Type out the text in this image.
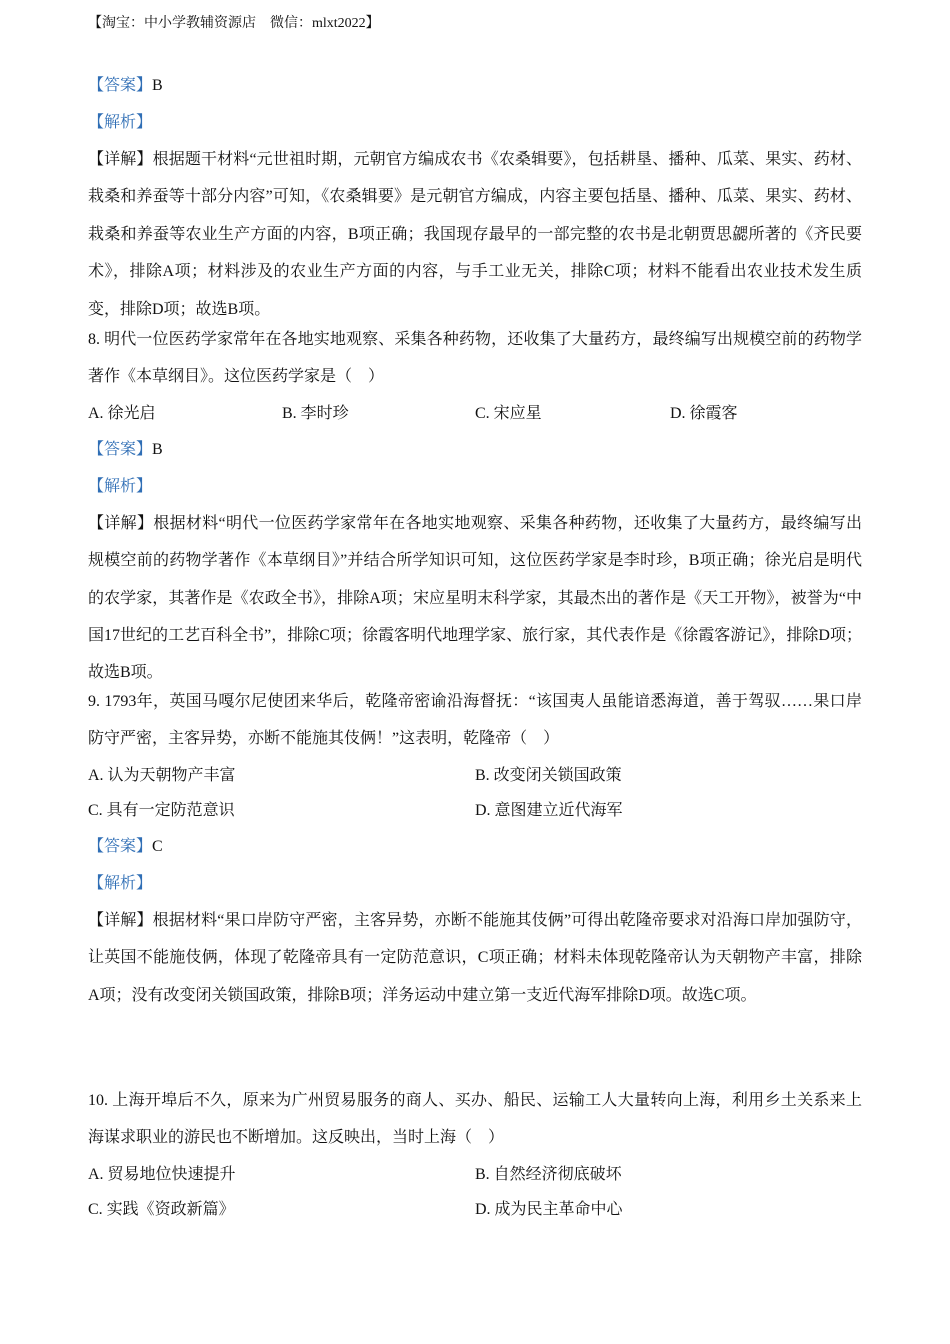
【淘宝：中小学教辅资源店　微信：mlxt2022】
【答案】B
【解析】
【详解】根据题干材料“元世祖时期，元朝官方编成农书《农桑辑要》，包括耕垦、播种、瓜菜、果实、药材、栽桑和养蚕等十部分内容”可知，《农桑辑要》是元朝官方编成，内容主要包括垦、播种、瓜菜、果实、药材、栽桑和养蚕等农业生产方面的内容，B项正确；我国现存最早的一部完整的农书是北朝贾思勰所著的《齐民要术》，排除A项；材料涉及的农业生产方面的内容，与手工业无关，排除C项；材料不能看出农业技术发生质变，排除D项；故选B项。
8. 明代一位医药学家常年在各地实地观察、采集各种药物，还收集了大量药方，最终编写出规模空前的药物学著作《本草纲目》。这位医药学家是（　）
A. 徐光启	B. 李时珍	C. 宋应星	D. 徐霞客
【答案】B
【解析】
【详解】根据材料“明代一位医药学家常年在各地实地观察、采集各种药物，还收集了大量药方，最终编写出规模空前的药物学著作《本草纲目》”并结合所学知识可知，这位医药学家是李时珍，B项正确；徐光启是明代的农学家，其著作是《农政全书》，排除A项；宋应星明末科学家，其最杰出的著作是《天工开物》，被誉为“中国17世纪的工艺百科全书”，排除C项；徐霞客明代地理学家、旅行家，其代表作是《徐霞客游记》，排除D项；故选B项。
9. 1793年，英国马嘎尔尼使团来华后，乾隆帝密谕沿海督抚：“该国夷人虽能谙悉海道，善于驾驭……果口岸防守严密，主客异势，亦断不能施其伎俩！”这表明，乾隆帝（　）
A. 认为天朝物产丰富	B. 改变闭关锁国政策
C. 具有一定防范意识	D. 意图建立近代海军
【答案】C
【解析】
【详解】根据材料“果口岸防守严密，主客异势，亦断不能施其伎俩”可得出乾隆帝要求对沿海口岸加强防守，让英国不能施伎俩，体现了乾隆帝具有一定防范意识，C项正确；材料未体现乾隆帝认为天朝物产丰富，排除A项；没有改变闭关锁国政策，排除B项；洋务运动中建立第一支近代海军排除D项。故选C项。
10. 上海开埠后不久，原来为广州贸易服务的商人、买办、船民、运输工人大量转向上海，利用乡土关系来上海谋求职业的游民也不断增加。这反映出，当时上海（　）
A. 贸易地位快速提升	B. 自然经济彻底破坏
C. 实践《资政新篇》	D. 成为民主革命中心
